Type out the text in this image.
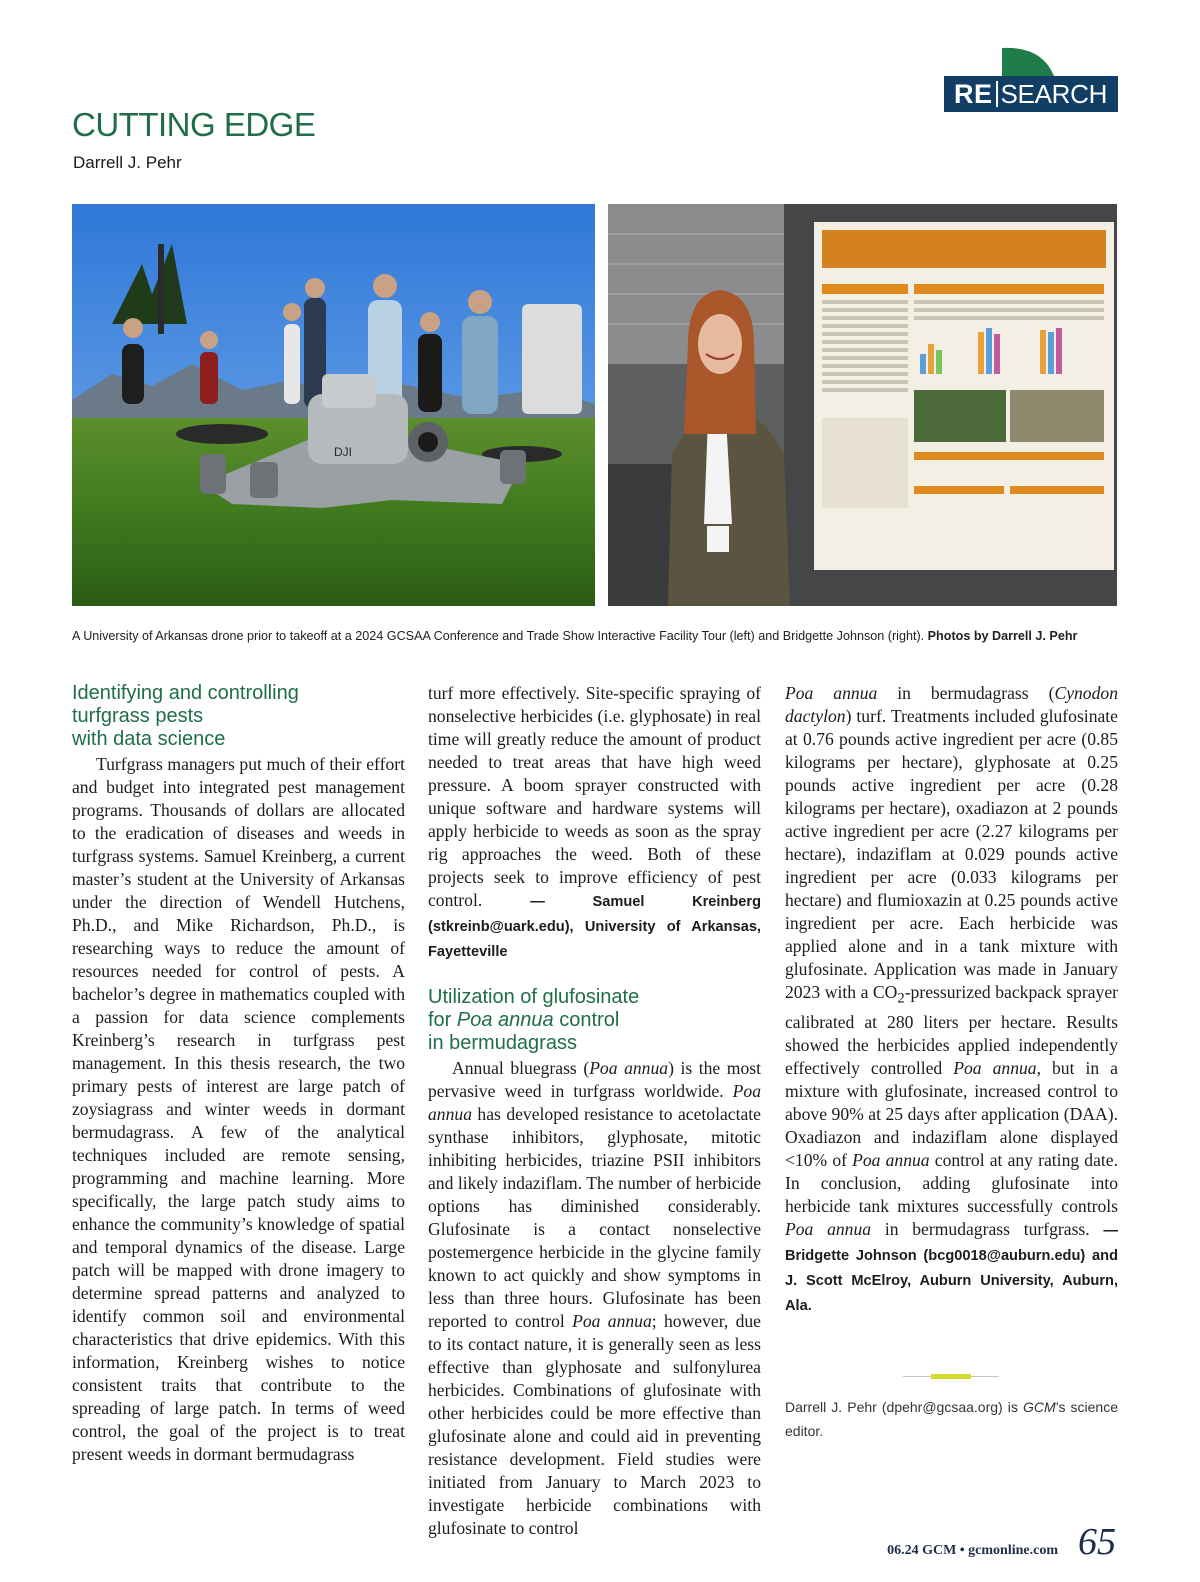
RE SEARCH
CUTTING EDGE
Darrell J. Pehr
DJI
A University of Arkansas drone prior to takeoff at a 2024 GCSAA Conference and Trade Show Interactive Facility Tour (left) and Bridgette Johnson (right). Photos by Darrell J. Pehr
Identifying and controlling
turfgrass pests
with data science

Turfgrass managers put much of their effort and budget into integrated pest management programs. Thousands of dollars are allocated to the eradication of diseases and weeds in turfgrass systems. Samuel Kreinberg, a current master’s student at the University of Arkansas under the direction of Wendell Hutchens, Ph.D., and Mike Richardson, Ph.D., is researching ways to reduce the amount of resources needed for control of pests. A bachelor’s degree in mathematics coupled with a passion for data science complements Kreinberg’s research in turfgrass pest management. In this thesis research, the two primary pests of interest are large patch of zoysiagrass and winter weeds in dormant bermudagrass. A few of the analytical techniques included are remote sensing, programming and machine learning. More specifically, the large patch study aims to enhance the community’s knowledge of spatial and temporal dynamics of the disease. Large patch will be mapped with drone imagery to determine spread patterns and analyzed to identify common soil and environmental characteristics that drive epidemics. With this information, Kreinberg wishes to notice consistent traits that contribute to the spreading of large patch. In terms of weed control, the goal of the project is to treat present weeds in dormant bermudagrass

turf more effectively. Site-specific spraying of nonselective herbicides (i.e. glyphosate) in real time will greatly reduce the amount of product needed to treat areas that have high weed pressure. A boom sprayer constructed with unique software and hardware systems will apply herbicide to weeds as soon as the spray rig approaches the weed. Both of these projects seek to improve efficiency of pest control. — Samuel Kreinberg (stkreinb@uark.edu), University of Arkansas, Fayetteville

Utilization of glufosinate
for Poa annua control
in bermudagrass

Annual bluegrass (Poa annua) is the most pervasive weed in turfgrass worldwide. Poa annua has developed resistance to acetolactate synthase inhibitors, glyphosate, mitotic inhibiting herbicides, triazine PSII inhibitors and likely indaziflam. The number of herbicide options has diminished considerably. Glufosinate is a contact nonselective postemergence herbicide in the glycine family known to act quickly and show symptoms in less than three hours. Glufosinate has been reported to control Poa annua; however, due to its contact nature, it is generally seen as less effective than glyphosate and sulfonylurea herbicides. Combinations of glufosinate with other herbicides could be more effective than glufosinate alone and could aid in preventing resistance development. Field studies were initiated from January to March 2023 to investigate herbicide combinations with glufosinate to control

Poa annua in bermudagrass (Cynodon dactylon) turf. Treatments included glufosinate at 0.76 pounds active ingredient per acre (0.85 kilograms per hectare), glyphosate at 0.25 pounds active ingredient per acre (0.28 kilograms per hectare), oxadiazon at 2 pounds active ingredient per acre (2.27 kilograms per hectare), indaziflam at 0.029 pounds active ingredient per acre (0.033 kilograms per hectare) and flumioxazin at 0.25 pounds active ingredient per acre. Each herbicide was applied alone and in a tank mixture with glufosinate. Application was made in January 2023 with a $CO_2$-pressurized backpack sprayer calibrated at 280 liters per hectare. Results showed the herbicides applied independently effectively controlled Poa annua, but in a mixture with glufosinate, increased control to above 90% at 25 days after application (DAA). Oxadiazon and indaziflam alone displayed <10% of Poa annua control at any rating date. In conclusion, adding glufosinate into herbicide tank mixtures successfully controls Poa annua in bermudagrass turfgrass. — Bridgette Johnson (bcg0018@auburn.edu) and J. Scott McElroy, Auburn University, Auburn, Ala.

Darrell J. Pehr (dpehr@gcsaa.org) is GCM’s science editor.
06.24 GCM • gcmonline.com 65
